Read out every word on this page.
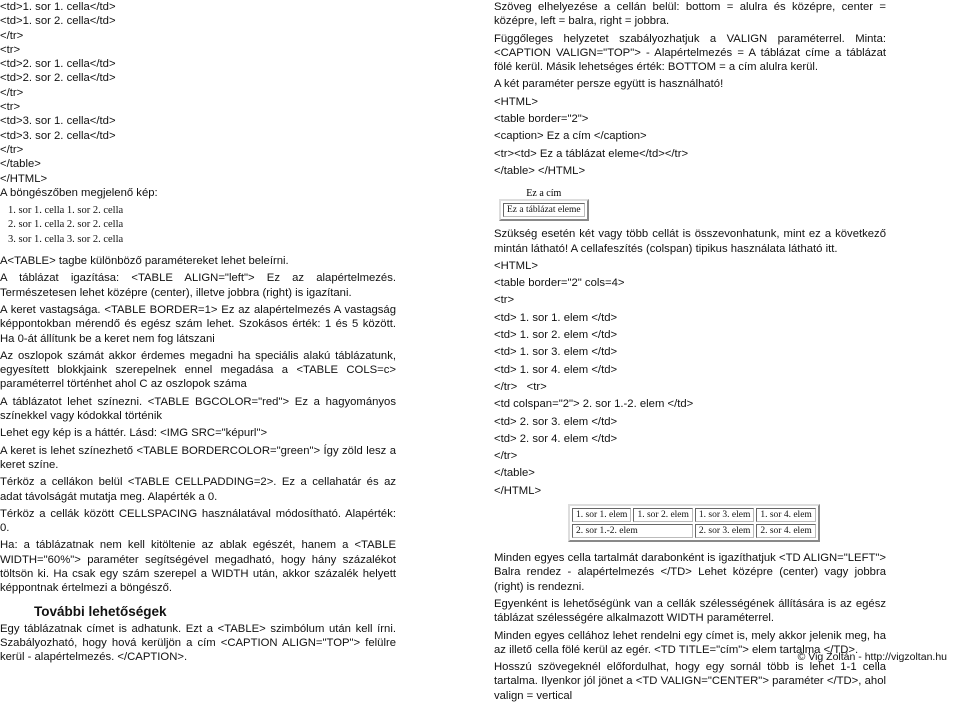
<td>1. sor 1. cella</td>
<td>1. sor 2. cella</td>
</tr>
<tr>
<td>2. sor 1. cella</td>
<td>2. sor 2. cella</td>
</tr>
<tr>
<td>3. sor 1. cella</td>
<td>3. sor 2. cella</td>
</tr>
</table>
</HTML>
A böngészőben megjelenő kép:
1. sor 1. cella 1. sor 2. cella
2. sor 1. cella 2. sor 2. cella
3. sor 1. cella 3. sor 2. cella

A<TABLE> tagbe különböző paramétereket lehet beleírni.

A táblázat igazítása: <TABLE ALIGN="left"> Ez az alapértelmezés. Természetesen lehet középre (center), illetve jobbra (right) is igazítani.

A keret vastagsága. <TABLE BORDER=1> Ez az alapértelmezés A vastagság képpontokban mérendő és egész szám lehet. Szokásos érték: 1 és 5 között. Ha 0-át állítunk be a keret nem fog látszani

Az oszlopok számát akkor érdemes megadni ha speciális alakú táblázatunk, egyesített blokkjaink szerepelnek ennel megadása a <TABLE COLS=c> paraméterrel történhet ahol C az oszlopok száma

A táblázatot lehet színezni. <TABLE BGCOLOR="red"> Ez a hagyományos színekkel vagy kódokkal történik

Lehet egy kép is a háttér. Lásd: <IMG SRC="képurl">

A keret is lehet színezhető <TABLE BORDERCOLOR="green"> Így zöld lesz a keret színe.

Térköz a cellákon belül <TABLE CELLPADDING=2>. Ez a cellahatár és az adat távolságát mutatja meg. Alapérték a 0.

Térköz a cellák között CELLSPACING használatával módosítható. Alapérték: 0.

Ha: a táblázatnak nem kell kitöltenie az ablak egészét, hanem a <TABLE WIDTH="60%"> paraméter segítségével megadható, hogy hány százalékot töltsön ki. Ha csak egy szám szerepel a WIDTH után, akkor százalék helyett képpontnak értelmezi a böngésző.

További lehetőségek

Egy táblázatnak címet is adhatunk. Ezt a <TABLE> szimbólum után kell írni. Szabályozható, hogy hová kerüljön a cím <CAPTION ALIGN="TOP"> felülre kerül - alapértelmezés. </CAPTION>.

Szöveg elhelyezése a cellán belül: bottom = alulra és középre, center = középre, left = balra, right = jobbra.

Függőleges helyzetet szabályozhatjuk a VALIGN paraméterrel. Minta: <CAPTION VALIGN="TOP"> - Alapértelmezés = A táblázat címe a táblázat fölé kerül. Másik lehetséges érték: BOTTOM = a cím alulra kerül.

A két paraméter persze együtt is használható!

<HTML>
<table border="2">
<caption> Ez a cím </caption>
<tr><td> Ez a táblázat eleme</td></tr>
</table> </HTML>
Ez a cím
Ez a táblázat eleme

Szükség esetén két vagy több cellát is összevonhatunk, mint ez a következő mintán látható! A cellafeszítés (colspan) tipikus használata látható itt.

<HTML>
<table border="2" cols=4>
<tr>
<td> 1. sor 1. elem </td>
<td> 1. sor 2. elem </td>
<td> 1. sor 3. elem </td>
<td> 1. sor 4. elem </td>
</tr>   <tr>
<td colspan="2"> 2. sor 1.-2. elem </td>
<td> 2. sor 3. elem </td>
<td> 2. sor 4. elem </td>
</tr>
</table>
</HTML>
1. sor 1. elem	1. sor 2. elem	1. sor 3. elem	1. sor 4. elem
2. sor 1.-2. elem		2. sor 3. elem	2. sor 4. elem

Minden egyes cella tartalmát darabonként is igazíthatjuk <TD ALIGN="LEFT"> Balra rendez - alapértelmezés </TD> Lehet középre (center) vagy jobbra (right) is rendezni.

Egyenként is lehetőségünk van a cellák szélességének állítására is az egész táblázat szélességére alkalmazott WIDTH paraméterrel.

Minden egyes cellához lehet rendelni egy címet is, mely akkor jelenik meg, ha az illető cella fölé kerül az egér. <TD TITLE="cím"> elem tartalma </TD>.

Hosszú szövegeknél előfordulhat, hogy egy sornál több is lehet 1-1 cella tartalma. Ilyenkor jól jönet a <TD VALIGN="CENTER"> paraméter </TD>, ahol valign = vertical

© Vig Zoltán - http://vigzoltan.hu
